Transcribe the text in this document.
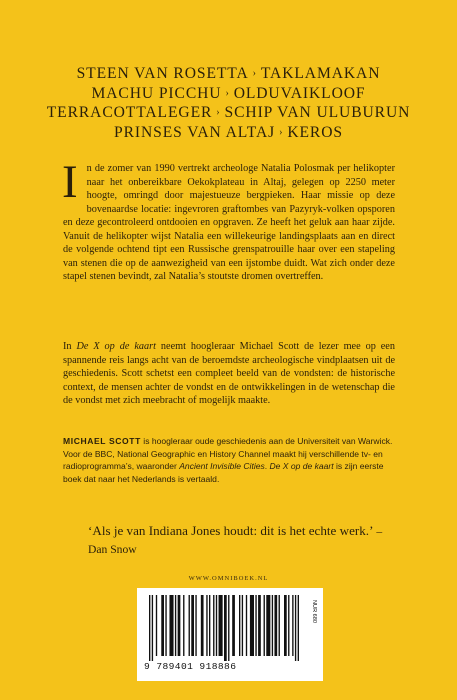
STEEN VAN ROSETTA › TAKLAMAKAN
MACHU PICCHU › OLDUVAIKLOOF
TERRACOTTALEGER › SCHIP VAN ULUBURUN
PRINSES VAN ALTAJ › KEROS
In de zomer van 1990 vertrekt archeologe Natalia Polosmak per helikopter naar het onbereikbare Oekokplateau in Altaj, gelegen op 2250 meter hoogte, omringd door majestueuze bergpieken. Haar missie op deze bovenaardse locatie: ingevroren graftombes van Pazyryk-volken opsporen en deze gecontroleerd ontdooien en opgraven. Ze heeft het geluk aan haar zijde. Vanuit de helikopter wijst Natalia een willekeurige landingsplaats aan en direct de volgende ochtend tipt een Russische grenspatrouille haar over een stapeling van stenen die op de aanwezigheid van een ijstombe duidt. Wat zich onder deze stapel stenen bevindt, zal Natalia’s stoutste dromen overtreffen.
In De X op de kaart neemt hoogleraar Michael Scott de lezer mee op een spannende reis langs acht van de beroemdste archeologische vindplaatsen uit de geschiedenis. Scott schetst een compleet beeld van de vondsten: de historische context, de mensen achter de vondst en de ontwikkelingen in de wetenschap die de vondst met zich meebracht of mogelijk maakte.
MICHAEL SCOTT is hoogleraar oude geschiedenis aan de Universiteit van Warwick. Voor de BBC, National Geographic en History Channel maakt hij verschillende tv- en radioprogramma’s, waaronder Ancient Invisible Cities. De X op de kaart is zijn eerste boek dat naar het Nederlands is vertaald.
‘Als je van Indiana Jones houdt: dit is het echte werk.’ – Dan Snow
WWW.OMNIBOEK.NL
9 789401 918886
NUR 680
